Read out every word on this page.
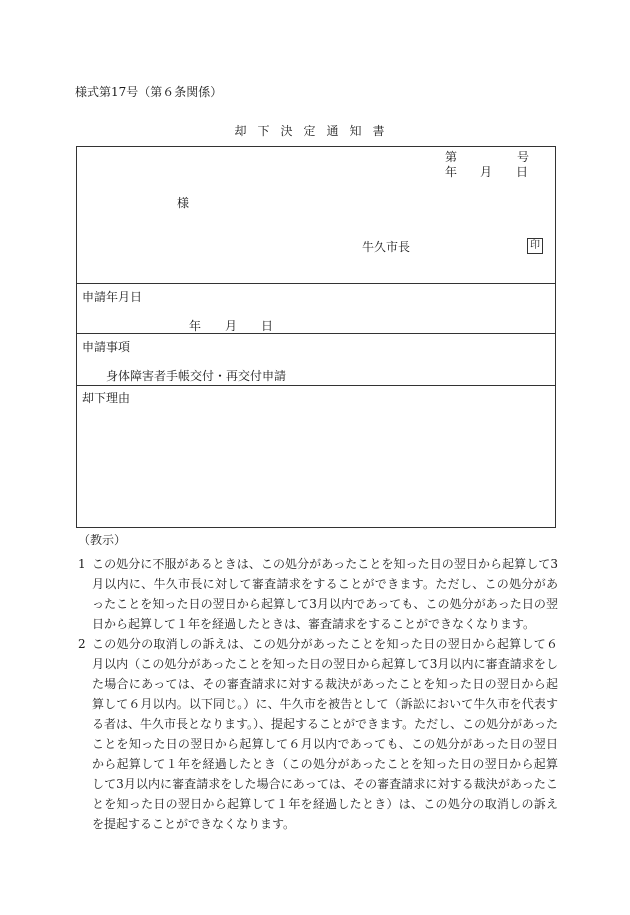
様式第17号（第６条関係）
却下決定通知書
第	号
年 月 日
様
牛久市長	印
申請年月日
年 月 日
申請事項
身体障害者手帳交付・再交付申請
却下理由
（教示）
1 この処分に不服があるときは、この処分があったことを知った日の翌日から起算して3月以内に、牛久市長に対して審査請求をすることができます。ただし、この処分があったことを知った日の翌日から起算して3月以内であっても、この処分があった日の翌日から起算して１年を経過したときは、審査請求をすることができなくなります。
2 この処分の取消しの訴えは、この処分があったことを知った日の翌日から起算して６月以内（この処分があったことを知った日の翌日から起算して3月以内に審査請求をした場合にあっては、その審査請求に対する裁決があったことを知った日の翌日から起算して６月以内。以下同じ。）に、牛久市を被告として（訴訟において牛久市を代表する者は、牛久市長となります。）、提起することができます。ただし、この処分があったことを知った日の翌日から起算して６月以内であっても、この処分があった日の翌日から起算して１年を経過したとき（この処分があったことを知った日の翌日から起算して3月以内に審査請求をした場合にあっては、その審査請求に対する裁決があったことを知った日の翌日から起算して１年を経過したとき）は、この処分の取消しの訴えを提起することができなくなります。
